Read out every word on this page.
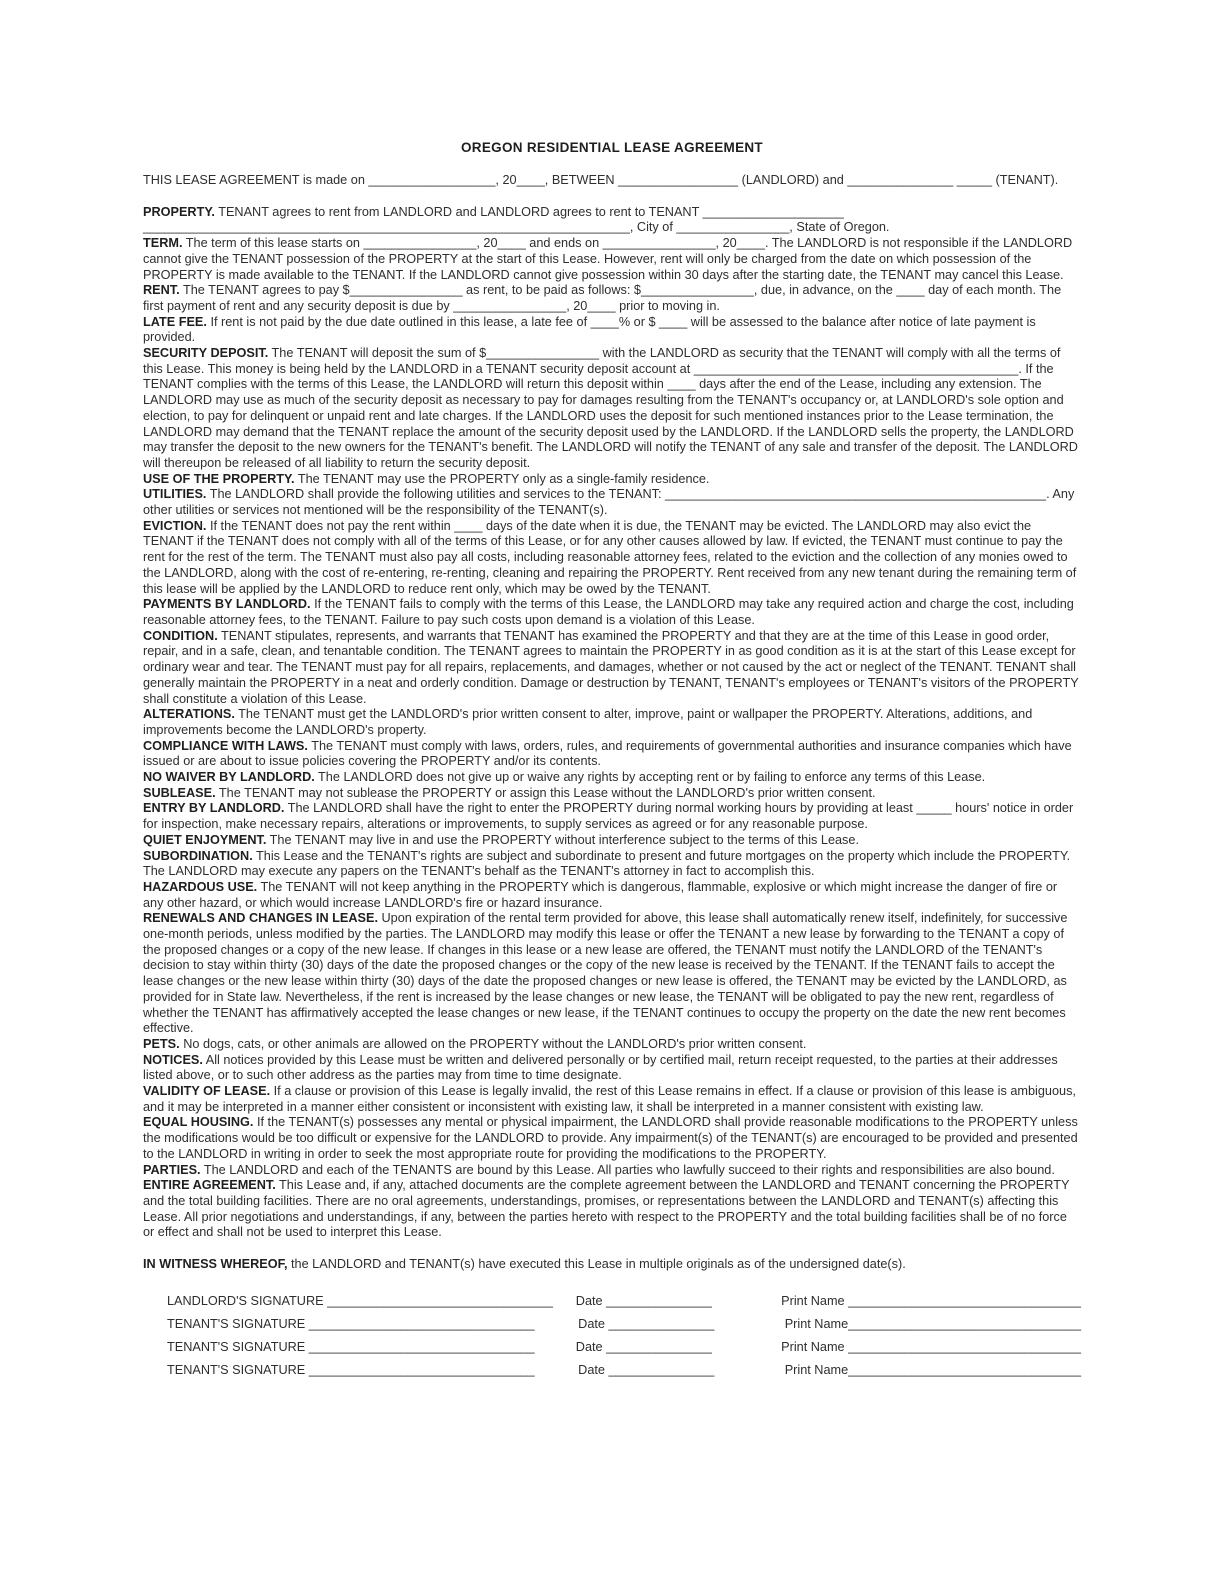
OREGON RESIDENTIAL LEASE AGREEMENT

THIS LEASE AGREEMENT is made on __________________, 20____, BETWEEN _________________ (LANDLORD) and _______________ _____ (TENANT).

PROPERTY. TENANT agrees to rent from LANDLORD and LANDLORD agrees to rent to TENANT ____________________ _____________________________________________________________________, City of ________________, State of Oregon.

TERM. The term of this lease starts on ________________, 20____ and ends on ________________, 20____. The LANDLORD is not responsible if the LANDLORD cannot give the TENANT possession of the PROPERTY at the start of this Lease. However, rent will only be charged from the date on which possession of the PROPERTY is made available to the TENANT. If the LANDLORD cannot give possession within 30 days after the starting date, the TENANT may cancel this Lease.

RENT. The TENANT agrees to pay $________________ as rent, to be paid as follows: $________________, due, in advance, on the ____ day of each month. The first payment of rent and any security deposit is due by ________________, 20____ prior to moving in.

LATE FEE. If rent is not paid by the due date outlined in this lease, a late fee of ____% or $ ____ will be assessed to the balance after notice of late payment is provided.

SECURITY DEPOSIT. The TENANT will deposit the sum of $________________ with the LANDLORD as security that the TENANT will comply with all the terms of this Lease. This money is being held by the LANDLORD in a TENANT security deposit account at ______________________________________________. If the TENANT complies with the terms of this Lease, the LANDLORD will return this deposit within ____ days after the end of the Lease, including any extension. The LANDLORD may use as much of the security deposit as necessary to pay for damages resulting from the TENANT's occupancy or, at LANDLORD's sole option and election, to pay for delinquent or unpaid rent and late charges. If the LANDLORD uses the deposit for such mentioned instances prior to the Lease termination, the LANDLORD may demand that the TENANT replace the amount of the security deposit used by the LANDLORD. If the LANDLORD sells the property, the LANDLORD may transfer the deposit to the new owners for the TENANT's benefit. The LANDLORD will notify the TENANT of any sale and transfer of the deposit. The LANDLORD will thereupon be released of all liability to return the security deposit.

USE OF THE PROPERTY. The TENANT may use the PROPERTY only as a single-family residence.

UTILITIES. The LANDLORD shall provide the following utilities and services to the TENANT: ______________________________________________________. Any other utilities or services not mentioned will be the responsibility of the TENANT(s).

EVICTION. If the TENANT does not pay the rent within ____ days of the date when it is due, the TENANT may be evicted. The LANDLORD may also evict the TENANT if the TENANT does not comply with all of the terms of this Lease, or for any other causes allowed by law. If evicted, the TENANT must continue to pay the rent for the rest of the term. The TENANT must also pay all costs, including reasonable attorney fees, related to the eviction and the collection of any monies owed to the LANDLORD, along with the cost of re-entering, re-renting, cleaning and repairing the PROPERTY. Rent received from any new tenant during the remaining term of this lease will be applied by the LANDLORD to reduce rent only, which may be owed by the TENANT.

PAYMENTS BY LANDLORD. If the TENANT fails to comply with the terms of this Lease, the LANDLORD may take any required action and charge the cost, including reasonable attorney fees, to the TENANT. Failure to pay such costs upon demand is a violation of this Lease.

CONDITION. TENANT stipulates, represents, and warrants that TENANT has examined the PROPERTY and that they are at the time of this Lease in good order, repair, and in a safe, clean, and tenantable condition. The TENANT agrees to maintain the PROPERTY in as good condition as it is at the start of this Lease except for ordinary wear and tear. The TENANT must pay for all repairs, replacements, and damages, whether or not caused by the act or neglect of the TENANT. TENANT shall generally maintain the PROPERTY in a neat and orderly condition. Damage or destruction by TENANT, TENANT's employees or TENANT's visitors of the PROPERTY shall constitute a violation of this Lease.

ALTERATIONS. The TENANT must get the LANDLORD's prior written consent to alter, improve, paint or wallpaper the PROPERTY. Alterations, additions, and improvements become the LANDLORD's property.

COMPLIANCE WITH LAWS. The TENANT must comply with laws, orders, rules, and requirements of governmental authorities and insurance companies which have issued or are about to issue policies covering the PROPERTY and/or its contents.

NO WAIVER BY LANDLORD. The LANDLORD does not give up or waive any rights by accepting rent or by failing to enforce any terms of this Lease.

SUBLEASE. The TENANT may not sublease the PROPERTY or assign this Lease without the LANDLORD's prior written consent.

ENTRY BY LANDLORD. The LANDLORD shall have the right to enter the PROPERTY during normal working hours by providing at least _____ hours' notice in order for inspection, make necessary repairs, alterations or improvements, to supply services as agreed or for any reasonable purpose.

QUIET ENJOYMENT. The TENANT may live in and use the PROPERTY without interference subject to the terms of this Lease.

SUBORDINATION. This Lease and the TENANT's rights are subject and subordinate to present and future mortgages on the property which include the PROPERTY. The LANDLORD may execute any papers on the TENANT's behalf as the TENANT's attorney in fact to accomplish this.

HAZARDOUS USE. The TENANT will not keep anything in the PROPERTY which is dangerous, flammable, explosive or which might increase the danger of fire or any other hazard, or which would increase LANDLORD's fire or hazard insurance.

RENEWALS AND CHANGES IN LEASE. Upon expiration of the rental term provided for above, this lease shall automatically renew itself, indefinitely, for successive one-month periods, unless modified by the parties. The LANDLORD may modify this lease or offer the TENANT a new lease by forwarding to the TENANT a copy of the proposed changes or a copy of the new lease. If changes in this lease or a new lease are offered, the TENANT must notify the LANDLORD of the TENANT's decision to stay within thirty (30) days of the date the proposed changes or the copy of the new lease is received by the TENANT. If the TENANT fails to accept the lease changes or the new lease within thirty (30) days of the date the proposed changes or new lease is offered, the TENANT may be evicted by the LANDLORD, as provided for in State law. Nevertheless, if the rent is increased by the lease changes or new lease, the TENANT will be obligated to pay the new rent, regardless of whether the TENANT has affirmatively accepted the lease changes or new lease, if the TENANT continues to occupy the property on the date the new rent becomes effective.

PETS. No dogs, cats, or other animals are allowed on the PROPERTY without the LANDLORD's prior written consent.

NOTICES. All notices provided by this Lease must be written and delivered personally or by certified mail, return receipt requested, to the parties at their addresses listed above, or to such other address as the parties may from time to time designate.

VALIDITY OF LEASE. If a clause or provision of this Lease is legally invalid, the rest of this Lease remains in effect. If a clause or provision of this lease is ambiguous, and it may be interpreted in a manner either consistent or inconsistent with existing law, it shall be interpreted in a manner consistent with existing law.

EQUAL HOUSING. If the TENANT(s) possesses any mental or physical impairment, the LANDLORD shall provide reasonable modifications to the PROPERTY unless the modifications would be too difficult or expensive for the LANDLORD to provide. Any impairment(s) of the TENANT(s) are encouraged to be provided and presented to the LANDLORD in writing in order to seek the most appropriate route for providing the modifications to the PROPERTY.

PARTIES. The LANDLORD and each of the TENANTS are bound by this Lease. All parties who lawfully succeed to their rights and responsibilities are also bound.

ENTIRE AGREEMENT. This Lease and, if any, attached documents are the complete agreement between the LANDLORD and TENANT concerning the PROPERTY and the total building facilities. There are no oral agreements, understandings, promises, or representations between the LANDLORD and TENANT(s) affecting this Lease. All prior negotiations and understandings, if any, between the parties hereto with respect to the PROPERTY and the total building facilities shall be of no force or effect and shall not be used to interpret this Lease.

IN WITNESS WHEREOF, the LANDLORD and TENANT(s) have executed this Lease in multiple originals as of the undersigned date(s).

LANDLORD'S SIGNATURE ________________________________	Date _______________	Print Name _________________________________
TENANT'S SIGNATURE ________________________________	Date _______________	Print Name_________________________________
TENANT'S SIGNATURE ________________________________	Date _______________	Print Name _________________________________
TENANT'S SIGNATURE ________________________________	Date _______________	Print Name_________________________________
